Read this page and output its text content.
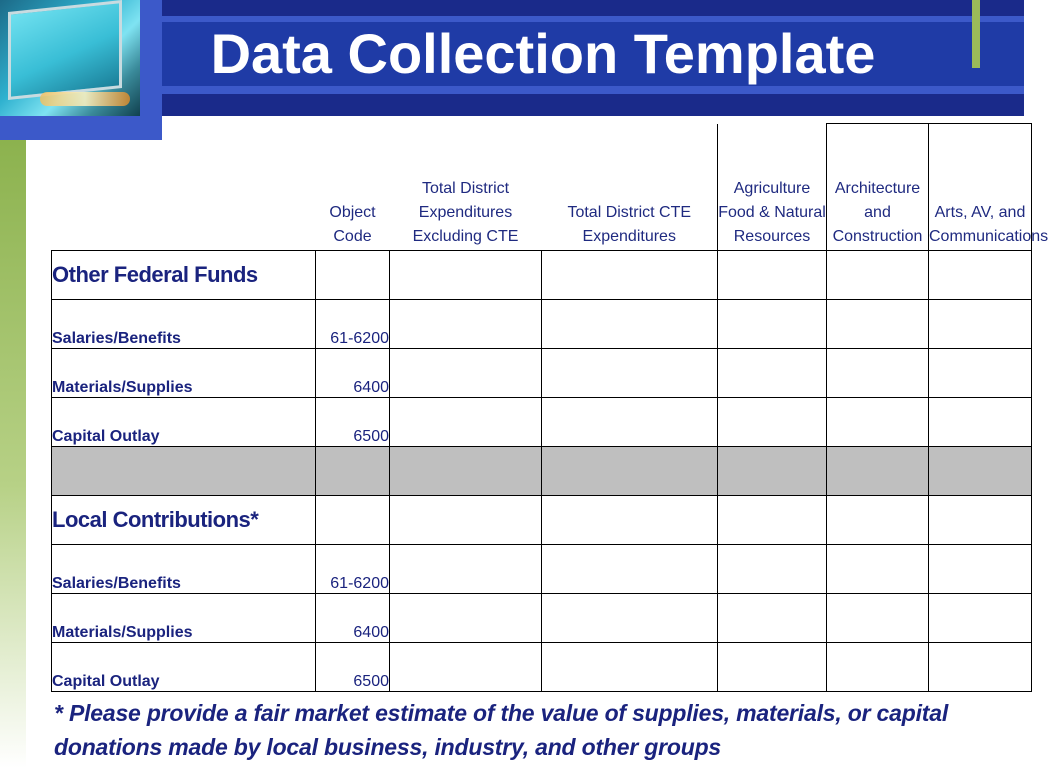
Data Collection Template
	Object Code	Total District Expenditures Excluding CTE	Total District CTE Expenditures	Agriculture Food & Natural Resources	Architecture and Construction	Arts, AV, and Communications
Other Federal Funds						
Salaries/Benefits	61-6200					
Materials/Supplies	6400					
Capital Outlay	6500					

Local Contributions*						
Salaries/Benefits	61-6200					
Materials/Supplies	6400					
Capital Outlay	6500					

* Please provide a fair market estimate of the value of supplies, materials, or capital donations made by local business, industry, and other groups
